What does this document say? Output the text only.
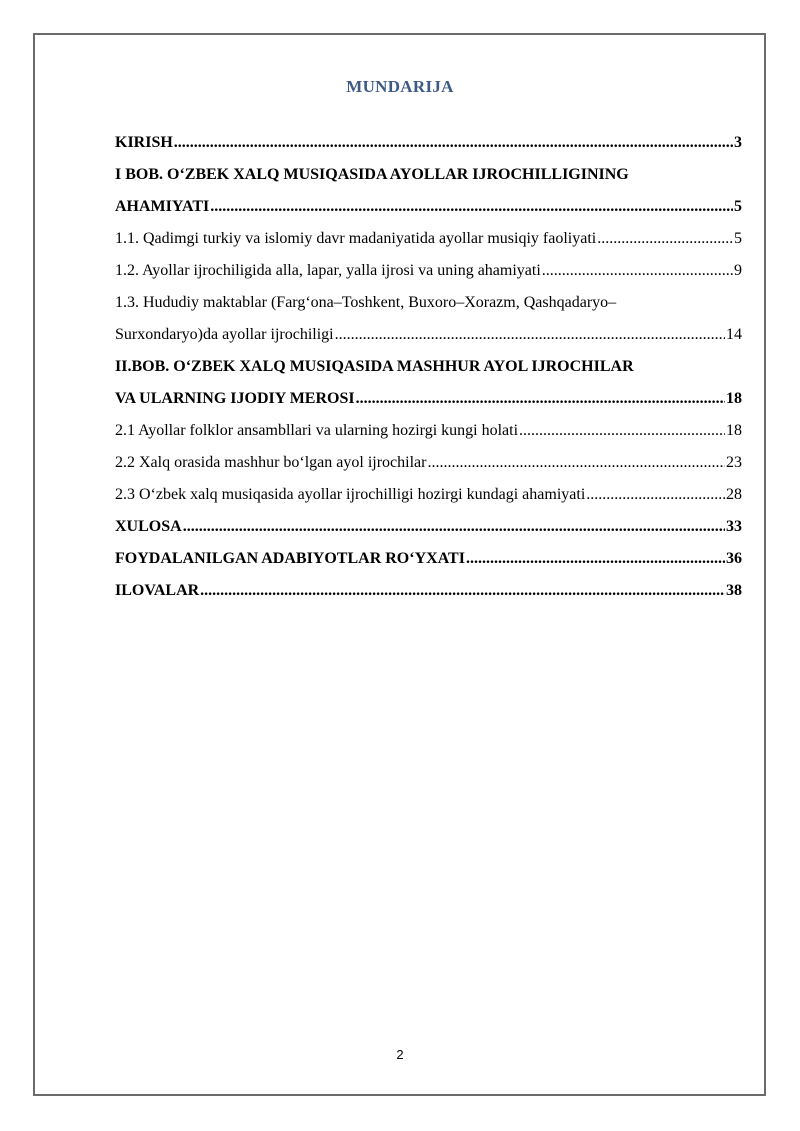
MUNDARIJA
KIRISH .....	3
I BOB. O‘ZBEK XALQ MUSIQASIDA AYOLLAR IJROCHILLIGINING
AHAMIYATI .....	5
1.1. Qadimgi turkiy va islomiy davr madaniyatida ayollar musiqiy faoliyati .....	5
1.2. Ayollar ijrochiligida alla, lapar, yalla ijrosi va uning ahamiyati .....	9
1.3. Hududiy maktablar (Farg‘ona–Toshkent, Buxoro–Xorazm, Qashqadaryo–
Surxondaryo)da ayollar ijrochiligi .....	14
II.BOB. O‘ZBEK XALQ MUSIQASIDA MASHHUR AYOL IJROCHILAR
VA ULARNING IJODIY MEROSI .....	18
2.1 Ayollar folklor ansambllari va ularning hozirgi kungi holati .....	18
2.2 Xalq orasida mashhur bo‘lgan ayol ijrochilar .....	23
2.3 O‘zbek xalq musiqasida ayollar ijrochilligi hozirgi kundagi ahamiyati .....	28
XULOSA .....	33
FOYDALANILGAN ADABIYOTLAR RO‘YXATI .....	36
ILOVALAR .....	38
2
